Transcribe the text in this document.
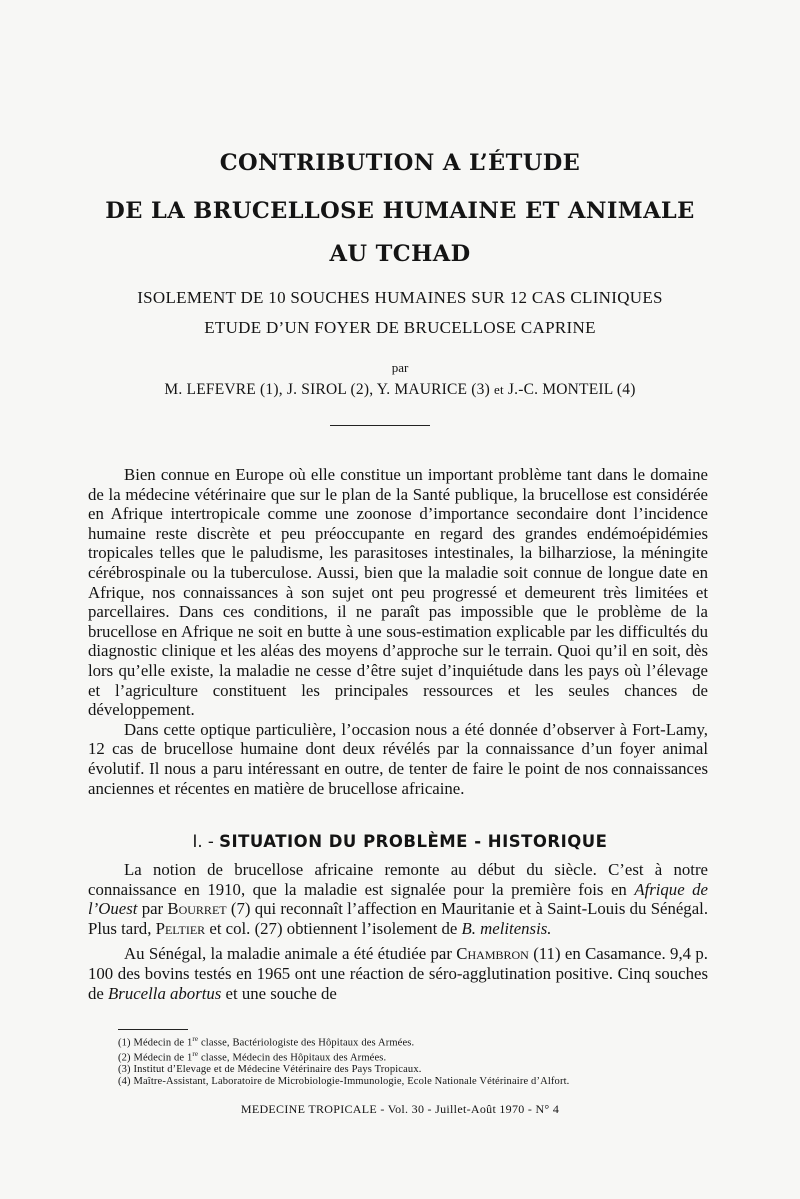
CONTRIBUTION A L’ÉTUDE
DE LA BRUCELLOSE HUMAINE ET ANIMALE
AU TCHAD
ISOLEMENT DE 10 SOUCHES HUMAINES SUR 12 CAS CLINIQUES
ETUDE D’UN FOYER DE BRUCELLOSE CAPRINE
par
M. LEFEVRE (1), J. SIROL (2), Y. MAURICE (3) et J.-C. MONTEIL (4)

Bien connue en Europe où elle constitue un important problème tant dans le domaine de la médecine vétérinaire que sur le plan de la Santé publique, la brucellose est considérée en Afrique intertropicale comme une zoonose d’importance secondaire dont l’incidence humaine reste discrète et peu préoccupante en regard des grandes endémoépidémies tropicales telles que le paludisme, les parasitoses intestinales, la bilharziose, la méningite cérébrospinale ou la tuberculose. Aussi, bien que la maladie soit connue de longue date en Afrique, nos connaissances à son sujet ont peu progressé et demeurent très limitées et parcellaires. Dans ces conditions, il ne paraît pas impossible que le problème de la brucellose en Afrique ne soit en butte à une sous-estimation explicable par les difficultés du diagnostic clinique et les aléas des moyens d’approche sur le terrain. Quoi qu’il en soit, dès lors qu’elle existe, la maladie ne cesse d’être sujet d’inquiétude dans les pays où l’élevage et l’agriculture constituent les principales ressources et les seules chances de développement.

Dans cette optique particulière, l’occasion nous a été donnée d’observer à Fort-Lamy, 12 cas de brucellose humaine dont deux révélés par la connaissance d’un foyer animal évolutif. Il nous a paru intéressant en outre, de tenter de faire le point de nos connaissances anciennes et récentes en matière de brucellose africaine.

I. - SITUATION DU PROBLÈME - HISTORIQUE

La notion de brucellose africaine remonte au début du siècle. C’est à notre connaissance en 1910, que la maladie est signalée pour la première fois en Afrique de l’Ouest par Bourret (7) qui reconnaît l’affection en Mauritanie et à Saint-Louis du Sénégal. Plus tard, Peltier et col. (27) obtiennent l’isolement de B. melitensis.

Au Sénégal, la maladie animale a été étudiée par Chambron (11) en Casamance. 9,4 p. 100 des bovins testés en 1965 ont une réaction de séro-agglutination positive. Cinq souches de Brucella abortus et une souche de

(1) Médecin de 1re classe, Bactériologiste des Hôpitaux des Armées.
(2) Médecin de 1re classe, Médecin des Hôpitaux des Armées.
(3) Institut d’Elevage et de Médecine Vétérinaire des Pays Tropicaux.
(4) Maître-Assistant, Laboratoire de Microbiologie-Immunologie, Ecole Nationale Vétérinaire d’Alfort.
MEDECINE TROPICALE - Vol. 30 - Juillet-Août 1970 - N° 4
